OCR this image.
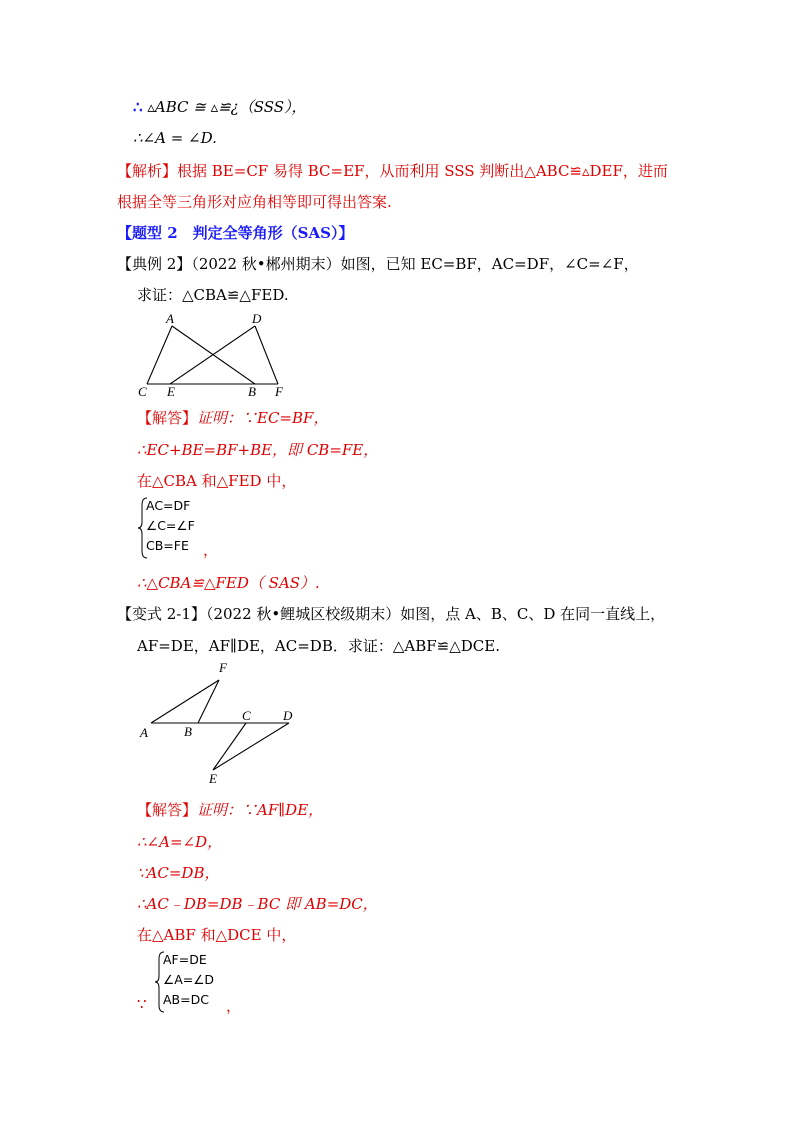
∴ ▵ABC ≅ ▵≌¿（SSS），
∴∠A = ∠D.
【解析】根据 BE=CF 易得 BC=EF，从而利用 SSS 判断出△ABC≌▵DEF，进而
根据全等三角形对应角相等即可得出答案.
【题型 2　判定全等角形（SAS）】
【典例 2】（2022 秋•郴州期末）如图，已知 EC=BF，AC=DF，∠C=∠F，
求证：△CBA≌△FED.
A	D
C E	B F
【解答】证明：∵EC=BF，
∴EC+BE=BF+BE，即 CB=FE，
在△CBA 和△FED 中，
AC=DF
∠C=∠F
CB=FE ，
∴△CBA≌△FED（ SAS）.
【变式 2-1】（2022 秋•鲤城区校级期末）如图，点 A、B、C、D 在同一直线上，
AF=DE，AF∥DE，AC=DB．求证：△ABF≌△DCE.
F
C D
A	B
E
【解答】证明：∵AF∥DE，
∴∠A=∠D，
∵AC=DB，
∴AC﹣DB=DB﹣BC 即 AB=DC，
在△ABF 和△DCE 中，
∵
AF=DE
∠A=∠D
AB=DC	，
